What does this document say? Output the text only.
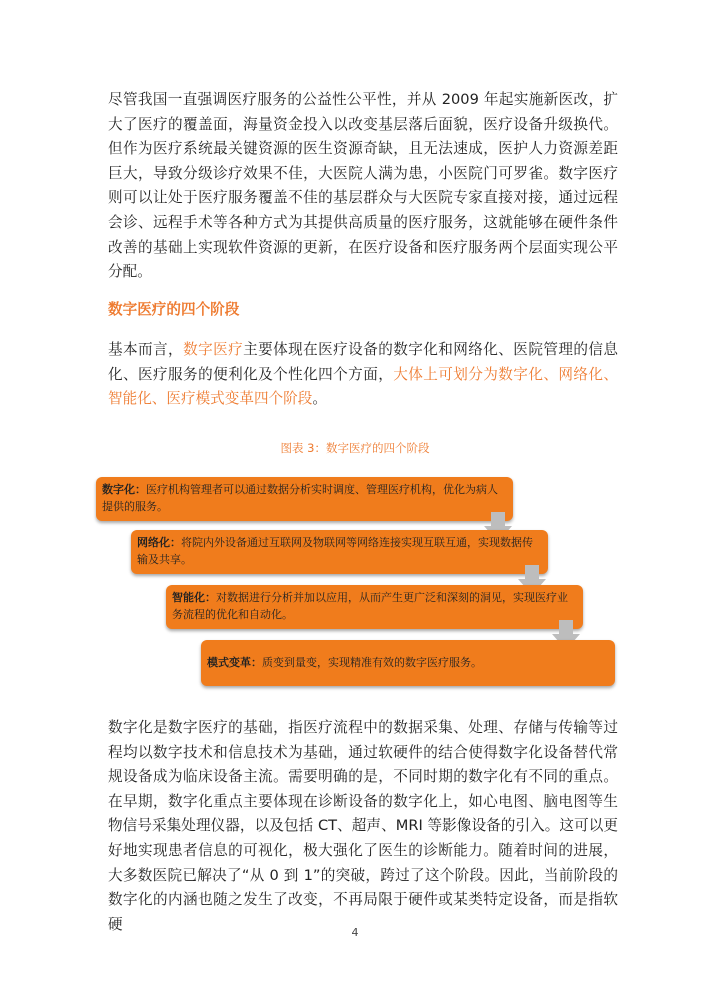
尽管我国一直强调医疗服务的公益性公平性，并从 2009 年起实施新医改，扩大了医疗的覆盖面，海量资金投入以改变基层落后面貌，医疗设备升级换代。但作为医疗系统最关键资源的医生资源奇缺，且无法速成，医护人力资源差距巨大，导致分级诊疗效果不佳，大医院人满为患，小医院门可罗雀。数字医疗则可以让处于医疗服务覆盖不佳的基层群众与大医院专家直接对接，通过远程会诊、远程手术等各种方式为其提供高质量的医疗服务，这就能够在硬件条件改善的基础上实现软件资源的更新，在医疗设备和医疗服务两个层面实现公平分配。

数字医疗的四个阶段

基本而言，数字医疗主要体现在医疗设备的数字化和网络化、医院管理的信息化、医疗服务的便利化及个性化四个方面，大体上可划分为数字化、网络化、智能化、医疗模式变革四个阶段。

图表 3：数字医疗的四个阶段
数字化：医疗机构管理者可以通过数据分析实时调度、管理医疗机构，优化为病人提供的服务。
网络化：将院内外设备通过互联网及物联网等网络连接实现互联互通，实现数据传输及共享。
智能化：对数据进行分析并加以应用，从而产生更广泛和深刻的洞见，实现医疗业务流程的优化和自动化。
模式变革：质变到量变，实现精准有效的数字医疗服务。

数字化是数字医疗的基础，指医疗流程中的数据采集、处理、存储与传输等过程均以数字技术和信息技术为基础，通过软硬件的结合使得数字化设备替代常规设备成为临床设备主流。需要明确的是，不同时期的数字化有不同的重点。在早期，数字化重点主要体现在诊断设备的数字化上，如心电图、脑电图等生物信号采集处理仪器，以及包括 CT、超声、MRI 等影像设备的引入。这可以更好地实现患者信息的可视化，极大强化了医生的诊断能力。随着时间的进展，大多数医院已解决了“从 0 到 1”的突破，跨过了这个阶段。因此，当前阶段的数字化的内涵也随之发生了改变，不再局限于硬件或某类特定设备，而是指软硬	4
